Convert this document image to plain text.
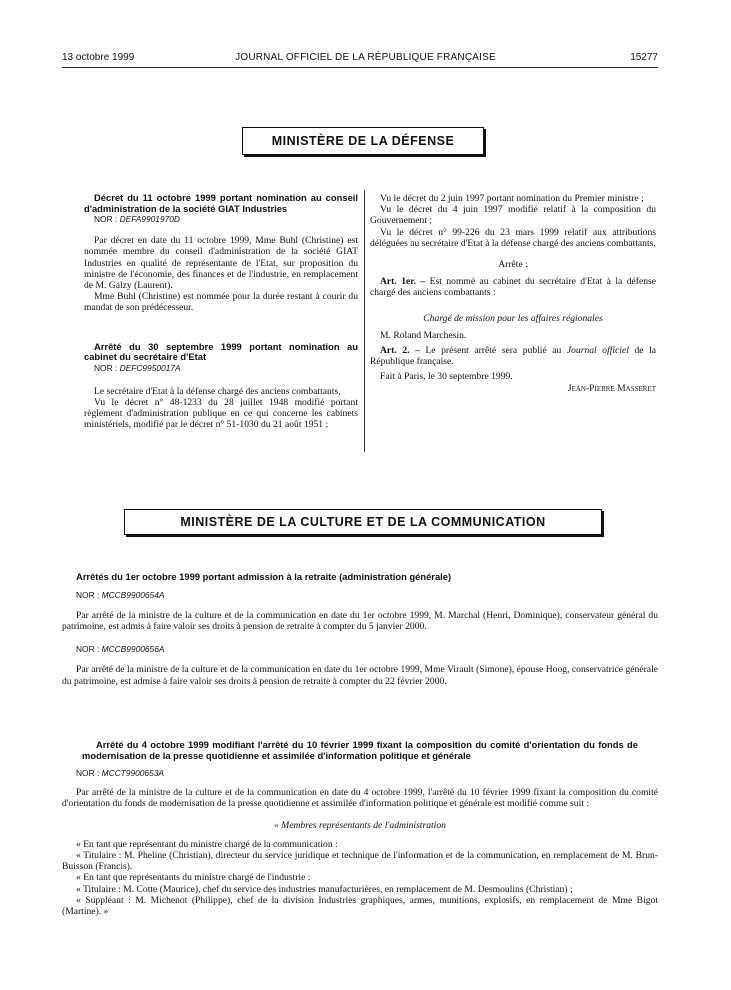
13 octobre 1999	JOURNAL OFFICIEL DE LA RÉPUBLIQUE FRANÇAISE	15277
MINISTÈRE DE LA DÉFENSE

Décret du 11 octobre 1999 portant nomination au conseil d'administration de la société GIAT Industries

NOR : DEFA9901970D

Par décret en date du 11 octobre 1999, Mme Buhl (Christine) est nommée membre du conseil d'administration de la société GIAT Industries en qualité de représentante de l'Etat, sur proposition du ministre de l'économie, des finances et de l'industrie, en remplacement de M. Galzy (Laurent).

Mme Buhl (Christine) est nommée pour la durée restant à courir du mandat de son prédécesseur.

Arrêté du 30 septembre 1999 portant nomination au cabinet du secrétaire d'Etat

NOR : DEFC9950017A

Le secrétaire d'Etat à la défense chargé des anciens combattants,

Vu le décret n° 48-1233 du 28 juillet 1948 modifié portant règlement d'administration publique en ce qui concerne les cabinets ministériels, modifié par le décret n° 51-1030 du 21 août 1951 ;

Vu le décret du 2 juin 1997 portant nomination du Premier ministre ;

Vu le décret du 4 juin 1997 modifié relatif à la composition du Gouvernement ;

Vu le décret n° 99-226 du 23 mars 1999 relatif aux attributions déléguées au secrétaire d'Etat à la défense chargé des anciens combattants,

Arrête :

Art. 1er. – Est nommé au cabinet du secrétaire d'Etat à la défense chargé des anciens combattants :

Chargé de mission pour les affaires régionales

M. Roland Marchesin.

Art. 2. – Le présent arrêté sera publié au Journal officiel de la République française.

Fait à Paris, le 30 septembre 1999.

Jean-Pierre Masseret

MINISTÈRE DE LA CULTURE ET DE LA COMMUNICATION

Arrêtés du 1er octobre 1999 portant admission à la retraite (administration générale)

NOR : MCCB9900654A

Par arrêté de la ministre de la culture et de la communication en date du 1er octobre 1999, M. Marchal (Henri, Dominique), conservateur général du patrimoine, est admis à faire valoir ses droits à pension de retraite à compter du 5 janvier 2000.

NOR : MCCB9900656A

Par arrêté de la ministre de la culture et de la communication en date du 1er octobre 1999, Mme Virault (Simone), épouse Hoog, conservatrice générale du patrimoine, est admise à faire valoir ses droits à pension de retraite à compter du 22 février 2000.

Arrêté du 4 octobre 1999 modifiant l'arrêté du 10 février 1999 fixant la composition du comité d'orientation du fonds de modernisation de la presse quotidienne et assimilée d'information politique et générale

NOR : MCCT9900653A

Par arrêté de la ministre de la culture et de la communication en date du 4 octobre 1999, l'arrêté du 10 février 1999 fixant la composition du comité d'orientation du fonds de modernisation de la presse quotidienne et assimilée d'information politique et générale est modifié comme suit :

« Membres représentants de l'administration

« En tant que représentant du ministre chargé de la communication :

« Titulaire : M. Pheline (Christian), directeur du service juridique et technique de l'information et de la communication, en remplacement de M. Brun-Buisson (Francis).

« En tant que représentants du ministre chargé de l'industrie :

« Titulaire : M. Cotte (Maurice), chef du service des industries manufacturières, en remplacement de M. Desmoulins (Christian) ;

« Suppléant : M. Michenot (Philippe), chef de la division Industries graphiques, armes, munitions, explosifs, en remplacement de Mme Bigot (Martine). »
